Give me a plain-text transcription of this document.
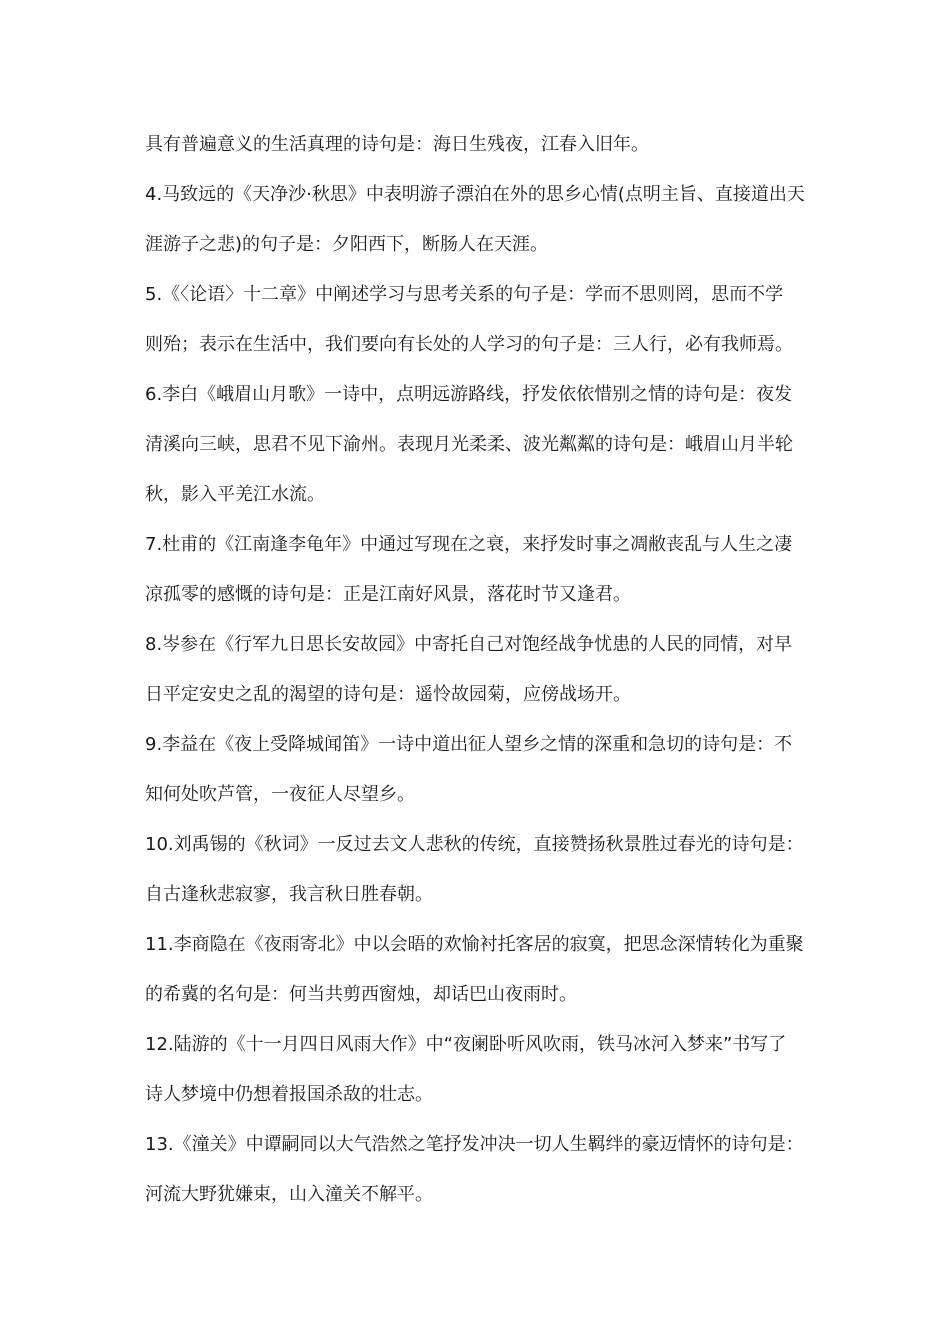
具有普遍意义的生活真理的诗句是：海日生残夜，江春入旧年。
4.马致远的《天净沙·秋思》中表明游子漂泊在外的思乡心情(点明主旨、直接道出天
涯游子之悲)的句子是：夕阳西下，断肠人在天涯。
5.《〈论语〉十二章》中阐述学习与思考关系的句子是：学而不思则罔，思而不学
则殆；表示在生活中，我们要向有长处的人学习的句子是：三人行，必有我师焉。
6.李白《峨眉山月歌》一诗中，点明远游路线，抒发依依惜别之情的诗句是：夜发
清溪向三峡，思君不见下渝州。表现月光柔柔、波光粼粼的诗句是：峨眉山月半轮
秋，影入平羌江水流。
7.杜甫的《江南逢李龟年》中通过写现在之衰，来抒发时事之凋敝丧乱与人生之凄
凉孤零的感慨的诗句是：正是江南好风景，落花时节又逢君。
8.岑参在《行军九日思长安故园》中寄托自己对饱经战争忧患的人民的同情，对早
日平定安史之乱的渴望的诗句是：遥怜故园菊，应傍战场开。
9.李益在《夜上受降城闻笛》一诗中道出征人望乡之情的深重和急切的诗句是：不
知何处吹芦管，一夜征人尽望乡。
10.刘禹锡的《秋词》一反过去文人悲秋的传统，直接赞扬秋景胜过春光的诗句是：
自古逢秋悲寂寥，我言秋日胜春朝。
11.李商隐在《夜雨寄北》中以会晤的欢愉衬托客居的寂寞，把思念深情转化为重聚
的希冀的名句是：何当共剪西窗烛，却话巴山夜雨时。
12.陆游的《十一月四日风雨大作》中“夜阑卧听风吹雨，铁马冰河入梦来”书写了
诗人梦境中仍想着报国杀敌的壮志。
13.《潼关》中谭嗣同以大气浩然之笔抒发冲决一切人生羁绊的豪迈情怀的诗句是：
河流大野犹嫌束，山入潼关不解平。
